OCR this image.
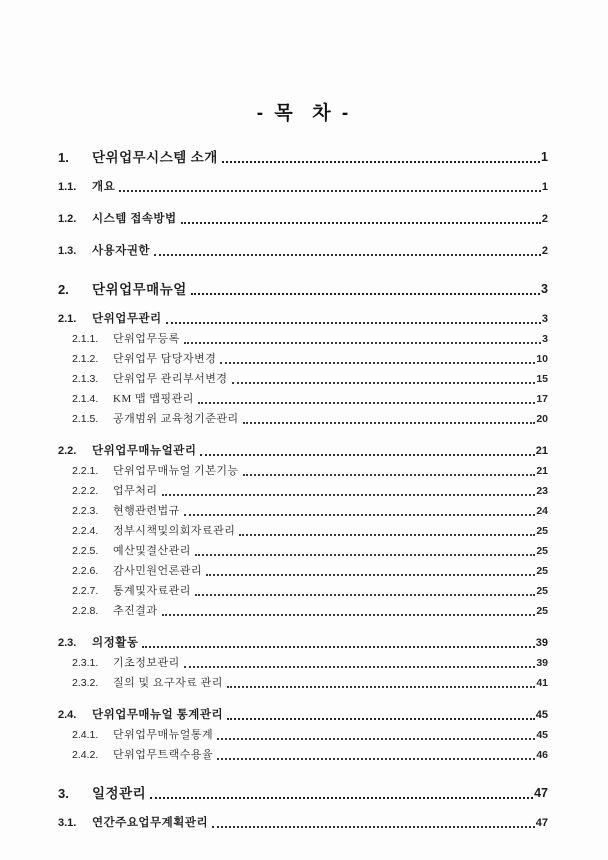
- 목  차 -
1.	단위업무시스템 소개	1
1.1.	개요	1
1.2.	시스템 접속방법	2
1.3.	사용자권한	2
2.	단위업무매뉴얼	3
2.1.	단위업무관리	3
2.1.1.	단위업무등록	3
2.1.2.	단위업무 담당자변경	10
2.1.3.	단위업무 관리부서변경	15
2.1.4.	KM 맵 맵핑관리	17
2.1.5.	공개범위 교육청기준관리	20
2.2.	단위업무매뉴얼관리	21
2.2.1.	단위업무매뉴얼 기본기능	21
2.2.2.	업무처리	23
2.2.3.	현행관련법규	24
2.2.4.	정부시책및의회자료관리	25
2.2.5.	예산및결산관리	25
2.2.6.	감사민원언론관리	25
2.2.7.	통계및자료관리	25
2.2.8.	추진결과	25
2.3.	의정활동	39
2.3.1.	기초정보관리	39
2.3.2.	질의 및 요구자료 관리	41
2.4.	단위업무매뉴얼 통계관리	45
2.4.1.	단위업무매뉴얼통계	45
2.4.2.	단위업무트랙수용율	46
3.	일정관리	47
3.1.	연간주요업무계획관리	47
